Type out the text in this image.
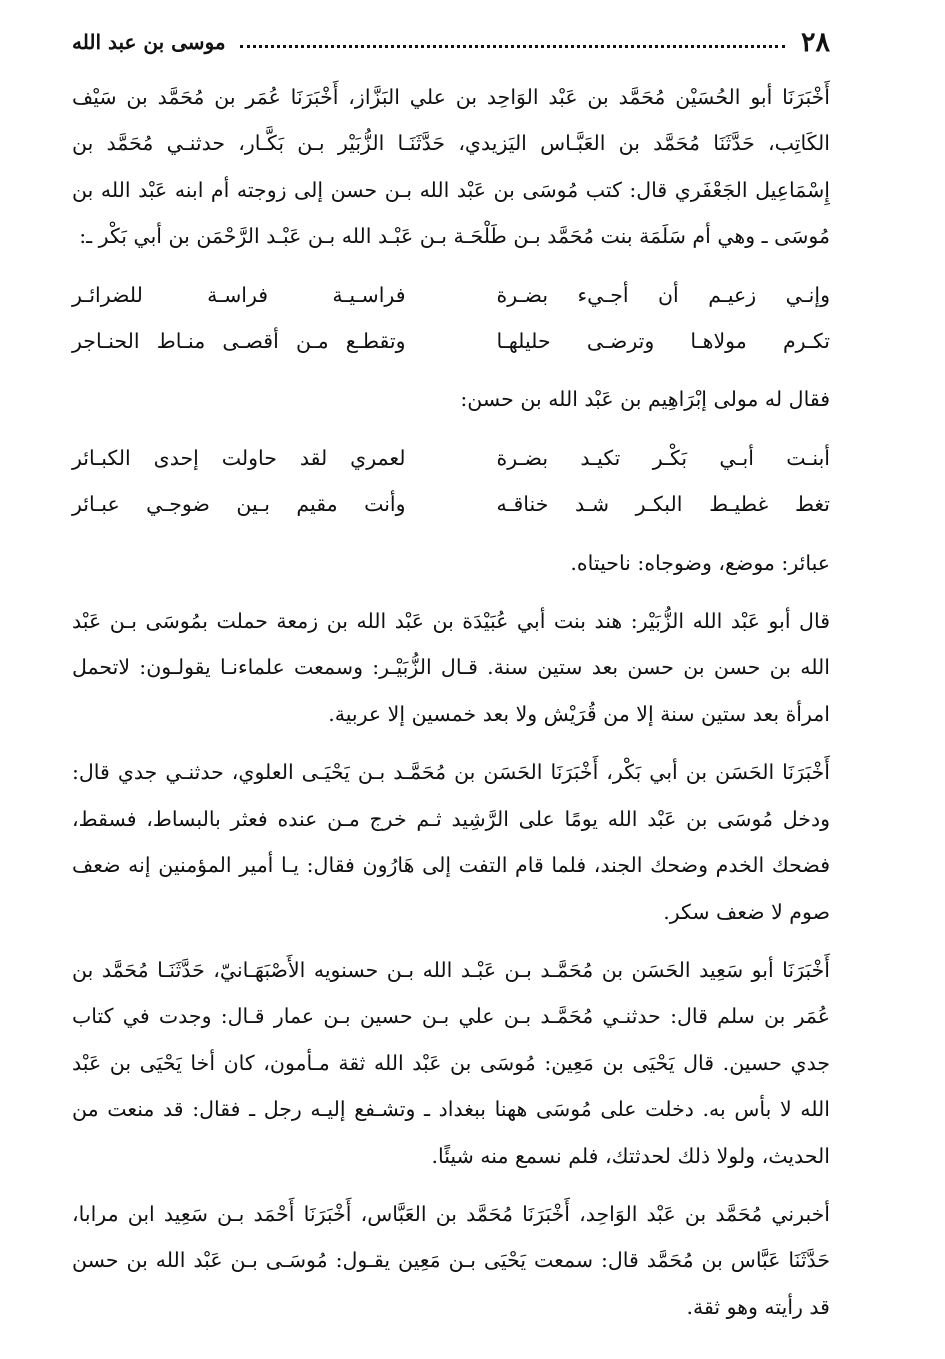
٢٨
موسى بن عبد الله

أَخْبَرَنَا أبو الحُسَيْن مُحَمَّد بن عَبْد الوَاحِد بن علي البَزَّاز، أَخْبَرَنَا عُمَر بن مُحَمَّد بن سَيْف الكَاتِب، حَدَّثَنَا مُحَمَّد بن العَبَّـاس اليَزيدي، حَدَّثَنَـا الزُّبَيْر بـن بَكَّـار، حدثنـي مُحَمَّد بن إِسْمَاعِيل الجَعْفَري قال: كتب مُوسَى بن عَبْد الله بـن حسن إلى زوجته أم ابنه عَبْد الله بن مُوسَى ـ وهي أم سَلَمَة بنت مُحَمَّد بـن طَلْحَـة بـن عَبْـد الله بـن عَبْـد الرَّحْمَن بن أبي بَكْر ـ:

وإنـي زعيـم أن أجـيء بضـرة
فراسـيـة فراسـة للضرائـر
تكـرم مولاهـا وترضـى حليلهـا
وتقطـع مـن أقصـى منـاط الحنـاجر

فقال له مولى إبْرَاهِيم بن عَبْد الله بن حسن:

أبنـت أبـي بَكْـر تكيـد بضـرة
لعمري لقد حاولت إحدى الكبـائر
تغط غطيـط البكـر شـد خناقـه
وأنت مقيم بـين ضوجـي عبـائر

عبائر: موضع، وضوجاه: ناحيتاه.

قال أبو عَبْد الله الزُّبَيْر: هند بنت أبي عُبَيْدَة بن عَبْد الله بن زمعة حملت بمُوسَى بـن عَبْد الله بن حسن بن حسن بعد ستين سنة. قـال الزُّبَيْـر: وسمعت علماءنـا يقولـون: لاتحمل امرأة بعد ستين سنة إلا من قُرَيْش ولا بعد خمسين إلا عربية.

أَخْبَرَنَا الحَسَن بن أبي بَكْر، أَخْبَرَنَا الحَسَن بن مُحَمَّـد بـن يَحْيَـى العلوي، حدثنـي جدي قال: ودخل مُوسَى بن عَبْد الله يومًا على الرَّشِيد ثـم خرج مـن عنده فعثر بالبساط، فسقط، فضحك الخدم وضحك الجند، فلما قام التفت إلى هَارُون فقال: يـا أمير المؤمنين إنه ضعف صوم لا ضعف سكر.

أَخْبَرَنَا أبو سَعِيد الحَسَن بن مُحَمَّـد بـن عَبْـد الله بـن حسنويه الأَصْبَهَـانيّ، حَدَّثَنَـا مُحَمَّد بن عُمَر بن سلم قال: حدثنـي مُحَمَّـد بـن علي بـن حسين بـن عمار قـال: وجدت في كتاب جدي حسين. قال يَحْيَى بن مَعِين: مُوسَى بن عَبْد الله ثقة مـأمون، كان أخا يَحْيَى بن عَبْد الله لا بأس به. دخلت على مُوسَى ههنا ببغداد ـ وتشـفع إليـه رجل ـ فقال: قد منعت من الحديث، ولولا ذلك لحدثتك، فلم نسمع منه شيئًا.

أخبرني مُحَمَّد بن عَبْد الوَاحِد، أَخْبَرَنَا مُحَمَّد بن العَبَّاس، أَخْبَرَنَا أَحْمَد بـن سَعِيد ابن مرابا، حَدَّثَنَا عَبَّاس بن مُحَمَّد قال: سمعت يَحْيَى بـن مَعِين يقـول: مُوسَـى بـن عَبْد الله بن حسن قد رأيته وهو ثقة.
